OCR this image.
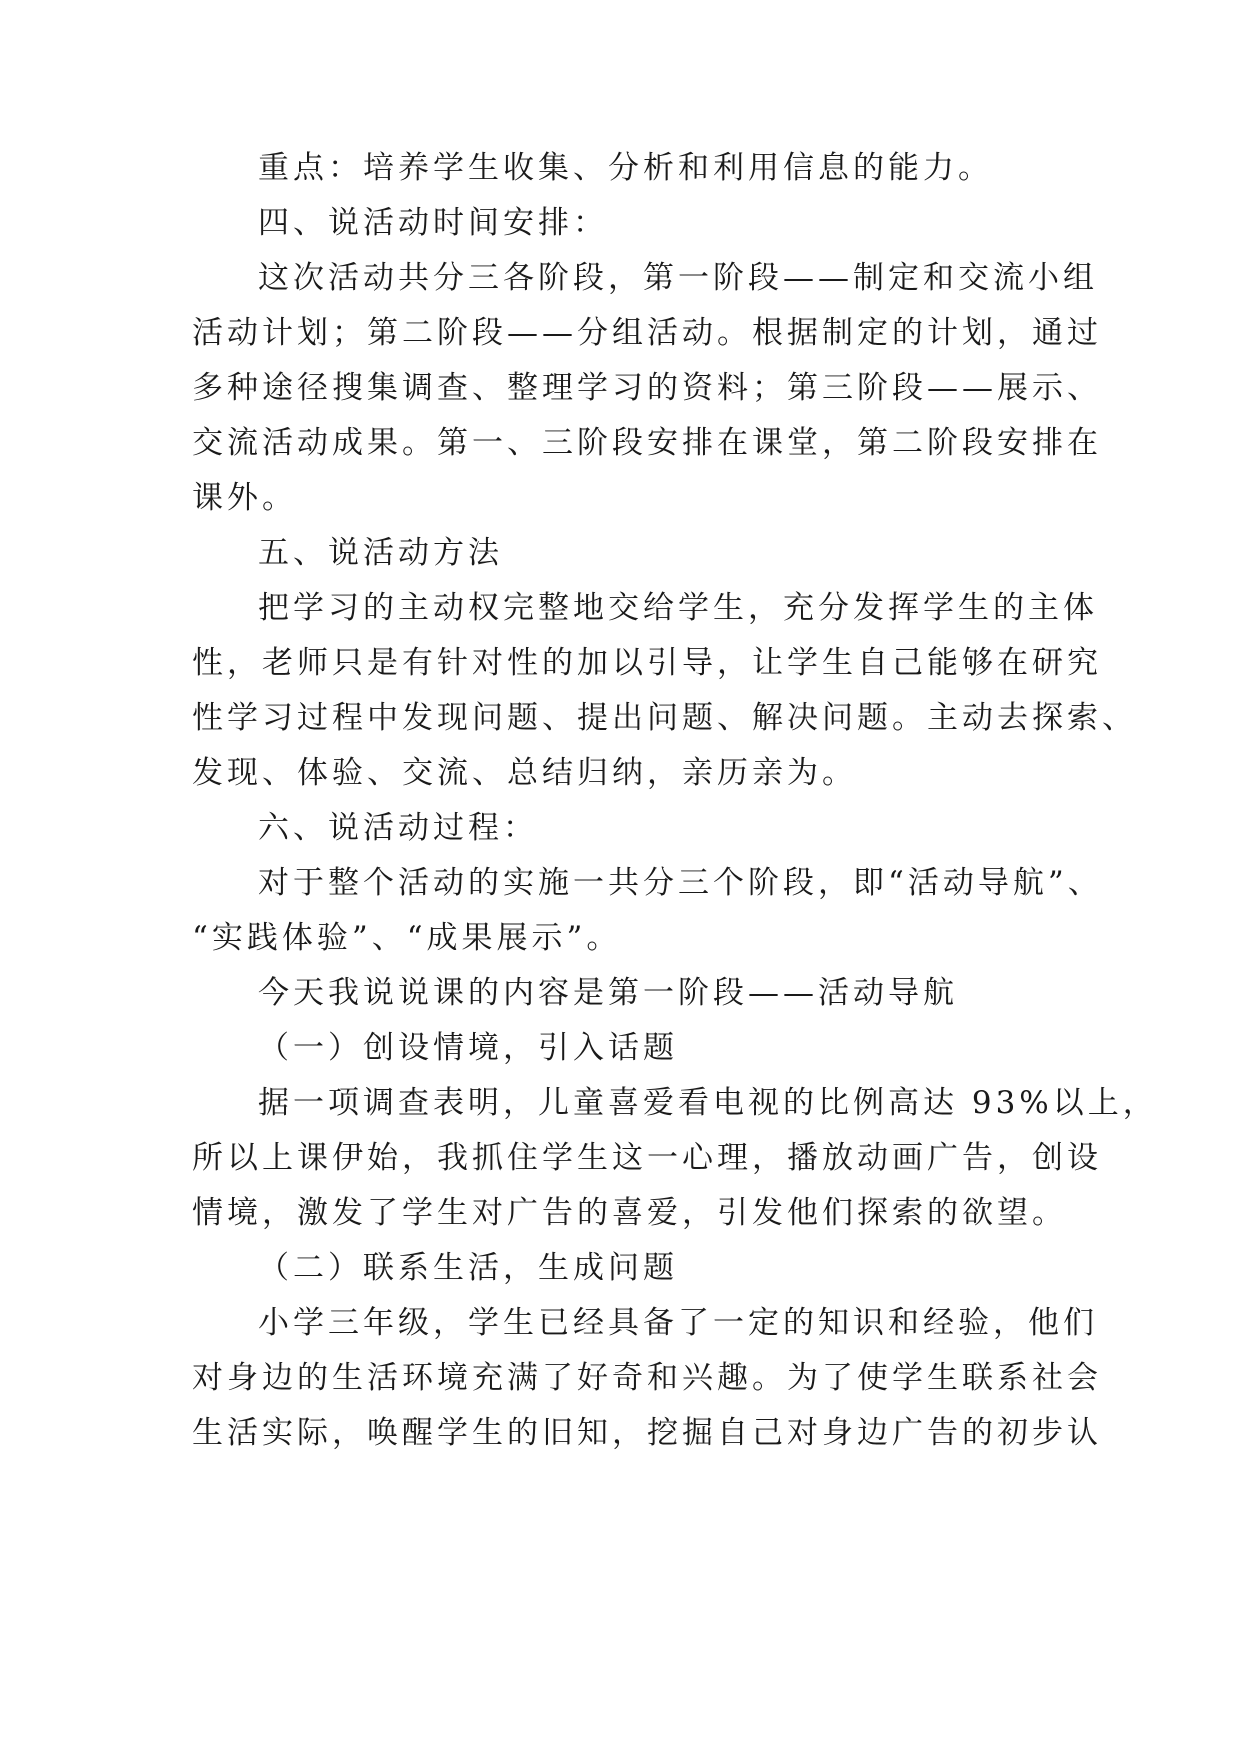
重点：培养学生收集、分析和利用信息的能力。
四、说活动时间安排：
这次活动共分三各阶段，第一阶段——制定和交流小组
活动计划；第二阶段——分组活动。根据制定的计划，通过
多种途径搜集调查、整理学习的资料；第三阶段——展示、
交流活动成果。第一、三阶段安排在课堂，第二阶段安排在
课外。
五、说活动方法
把学习的主动权完整地交给学生，充分发挥学生的主体
性，老师只是有针对性的加以引导，让学生自己能够在研究
性学习过程中发现问题、提出问题、解决问题。主动去探索、
发现、体验、交流、总结归纳，亲历亲为。
六、说活动过程：
对于整个活动的实施一共分三个阶段，即“活动导航”、
“实践体验”、“成果展示”。
今天我说说课的内容是第一阶段——活动导航
（一）创设情境，引入话题
据一项调查表明，儿童喜爱看电视的比例高达 93%以上，
所以上课伊始，我抓住学生这一心理，播放动画广告，创设
情境，激发了学生对广告的喜爱，引发他们探索的欲望。
（二）联系生活，生成问题
小学三年级，学生已经具备了一定的知识和经验，他们
对身边的生活环境充满了好奇和兴趣。为了使学生联系社会
生活实际，唤醒学生的旧知，挖掘自己对身边广告的初步认
